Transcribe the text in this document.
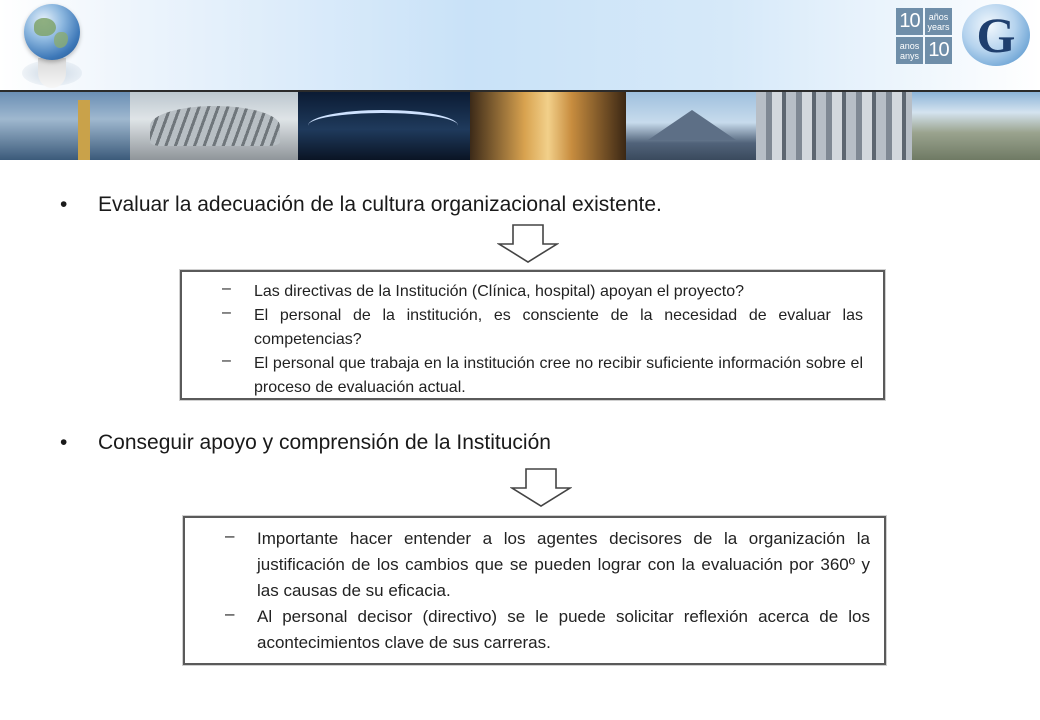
10	años years
anos anys 10 G
• Evaluar la adecuación de la cultura organizacional existente.
–	Las directivas de la Institución (Clínica, hospital) apoyan el proyecto?
–	El personal de la institución, es consciente de la necesidad de evaluar las competencias?
–	El personal que trabaja en la institución cree no recibir suficiente información sobre el proceso de evaluación actual.
• Conseguir apoyo y comprensión de la Institución
–	Importante hacer entender a los agentes decisores de la organización la justificación de los cambios que se pueden lograr con la evaluación por 360º y las causas de su eficacia.
–	Al personal decisor (directivo) se le puede solicitar reflexión acerca de los acontecimientos clave de sus carreras.
